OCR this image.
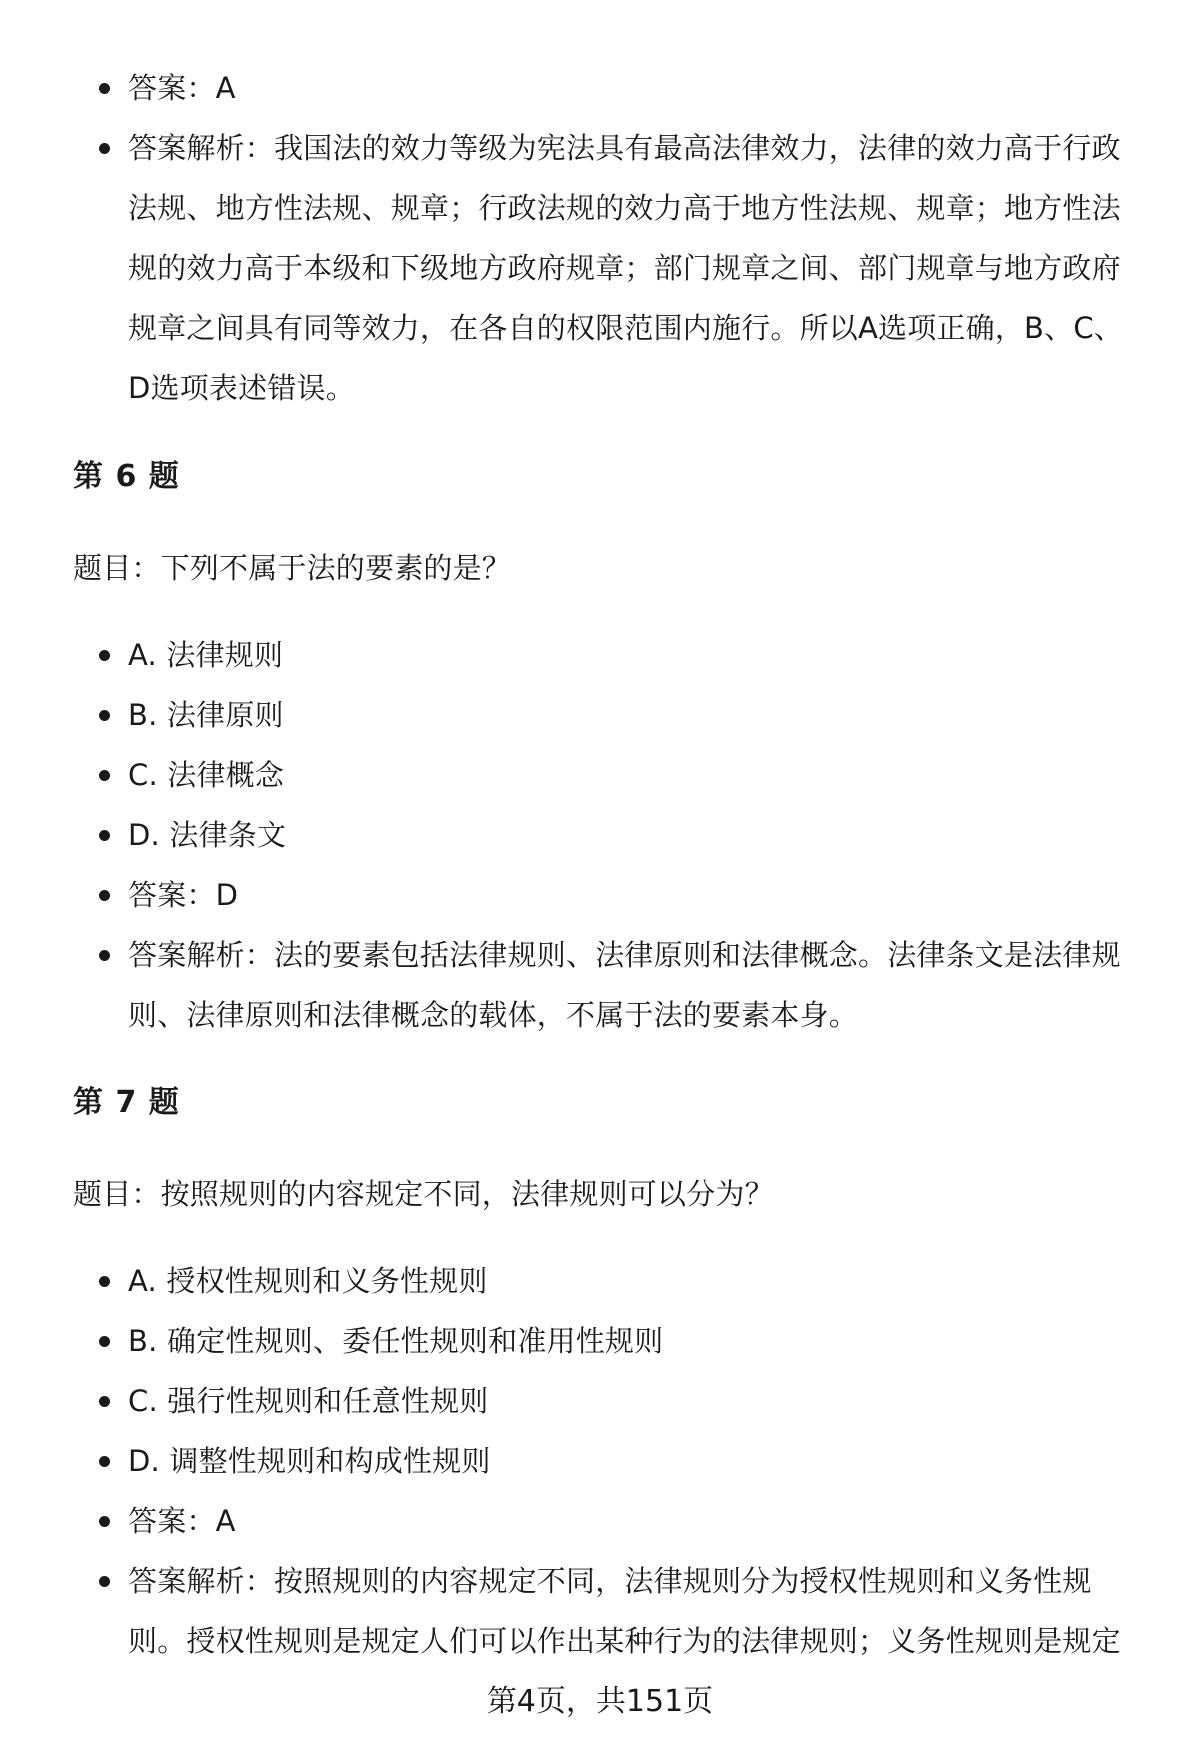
答案：A
答案解析：我国法的效力等级为宪法具有最高法律效力，法律的效力高于行政法规、地方性法规、规章；行政法规的效力高于地方性法规、规章；地方性法规的效力高于本级和下级地方政府规章；部门规章之间、部门规章与地方政府规章之间具有同等效力，在各自的权限范围内施行。所以A选项正确，B、C、D选项表述错误。
第 6 题
题目：下列不属于法的要素的是？
A. 法律规则
B. 法律原则
C. 法律概念
D. 法律条文
答案：D
答案解析：法的要素包括法律规则、法律原则和法律概念。法律条文是法律规则、法律原则和法律概念的载体，不属于法的要素本身。
第 7 题
题目：按照规则的内容规定不同，法律规则可以分为？
A. 授权性规则和义务性规则
B. 确定性规则、委任性规则和准用性规则
C. 强行性规则和任意性规则
D. 调整性规则和构成性规则
答案：A
答案解析：按照规则的内容规定不同，法律规则分为授权性规则和义务性规则。授权性规则是规定人们可以作出某种行为的法律规则；义务性规则是规定
第4页，共151页
